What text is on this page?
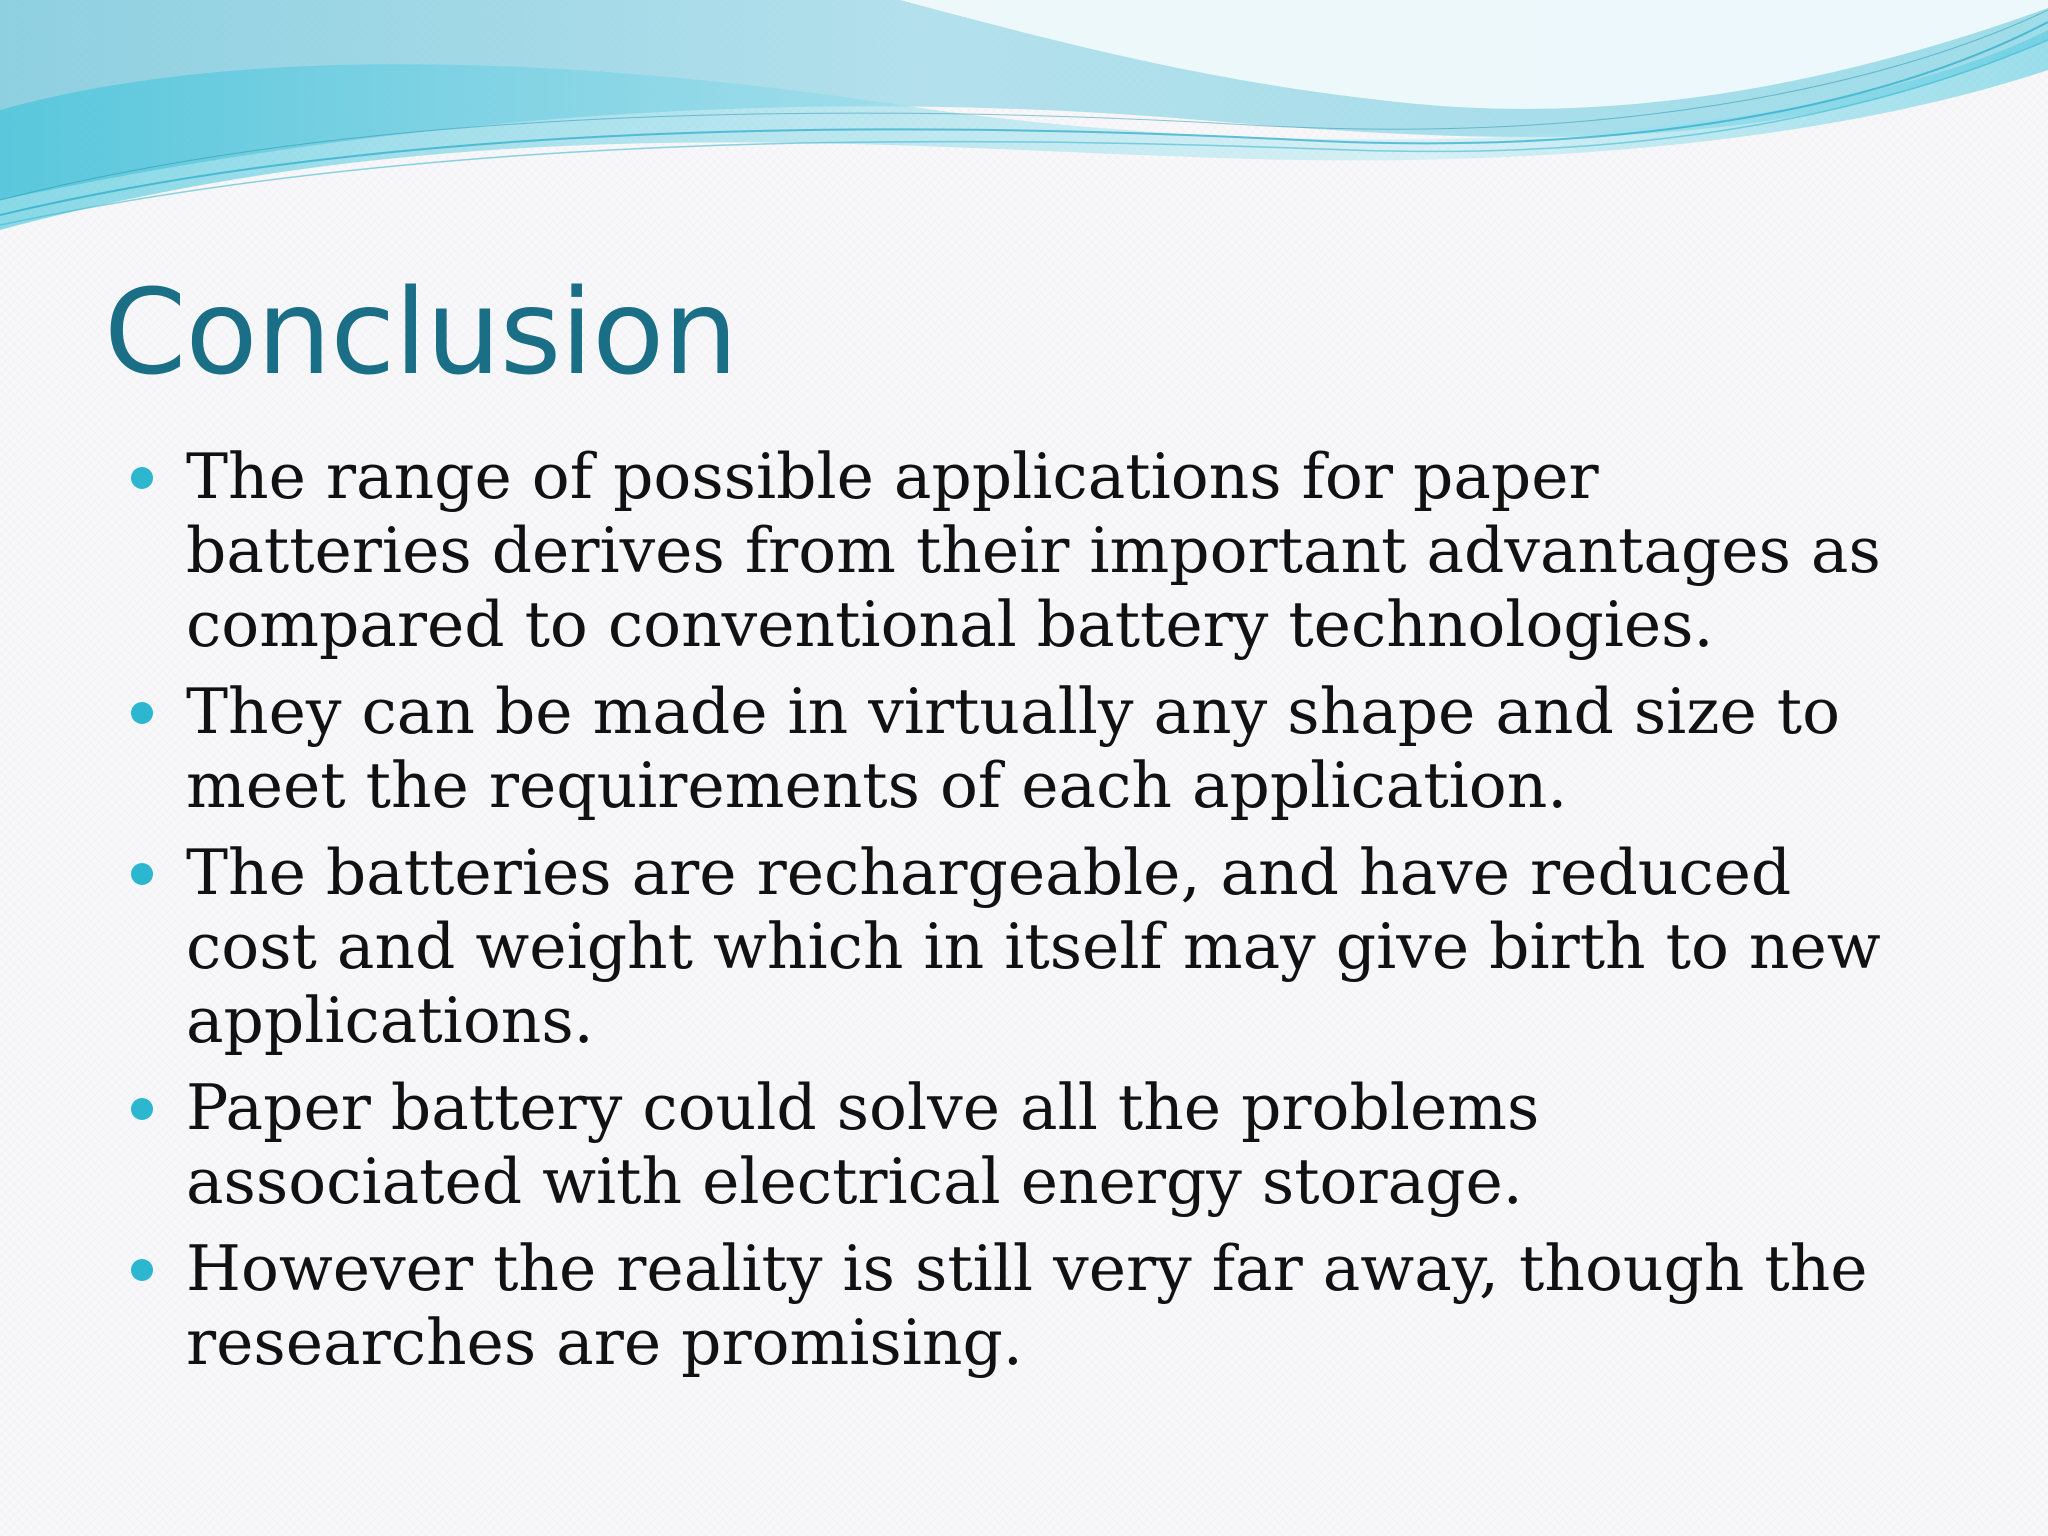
Conclusion
The range of possible applications for paper batteries derives from their important advantages as compared to conventional battery technologies.
They can be made in virtually any shape and size to meet the requirements of each application.
The batteries are rechargeable, and have reduced cost and weight which in itself may give birth to new applications.
Paper battery could solve all the problems associated with electrical energy storage.
However the reality is still very far away, though the researches are promising.
